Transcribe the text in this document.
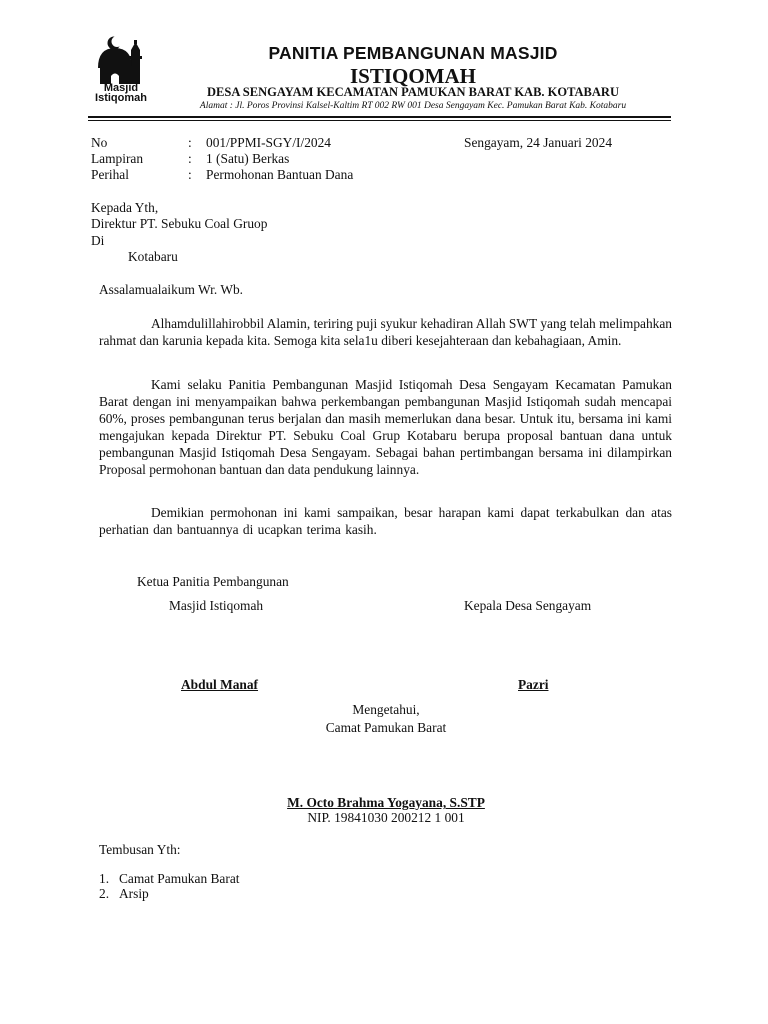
Masjid
Istiqomah
PANITIA PEMBANGUNAN MASJID
ISTIQOMAH
DESA SENGAYAM KECAMATAN PAMUKAN BARAT KAB. KOTABARU
Alamat : Jl. Poros Provinsi Kalsel-Kaltim RT 002 RW 001 Desa Sengayam Kec. Pamukan Barat Kab. Kotabaru
No	: 001/PPMI-SGY/I/2024	Sengayam, 24 Januari 2024
Lampiran	: 1 (Satu) Berkas
Perihal	: Permohonan Bantuan Dana
Kepada Yth,
Direktur PT. Sebuku Coal Gruop
Di
Kotabaru
Assalamualaikum Wr. Wb.
Alhamdulillahirobbil Alamin, teriring puji syukur kehadiran Allah SWT yang telah melimpahkan rahmat dan karunia kepada kita. Semoga kita sela1u diberi kesejahteraan dan kebahagiaan, Amin.
Kami selaku Panitia Pembangunan Masjid Istiqomah Desa Sengayam Kecamatan Pamukan Barat dengan ini menyampaikan bahwa perkembangan pembangunan Masjid Istiqomah sudah mencapai 60%, proses pembangunan terus berjalan dan masih memerlukan dana besar. Untuk itu, bersama ini kami mengajukan kepada Direktur PT. Sebuku Coal Grup Kotabaru berupa proposal bantuan dana untuk pembangunan Masjid Istiqomah Desa Sengayam. Sebagai bahan pertimbangan bersama ini dilampirkan Proposal permohonan bantuan dan data pendukung lainnya.
Demikian permohonan ini kami sampaikan, besar harapan kami dapat terkabulkan dan atas perhatian dan bantuannya di ucapkan terima kasih.
Ketua Panitia Pembangunan
Masjid Istiqomah	Kepala Desa Sengayam
Abdul Manaf	Pazri
Mengetahui,
Camat Pamukan Barat
M. Octo Brahma Yogayana, S.STP
NIP. 19841030 200212 1 001
Tembusan Yth:
1. Camat Pamukan Barat
2. Arsip
